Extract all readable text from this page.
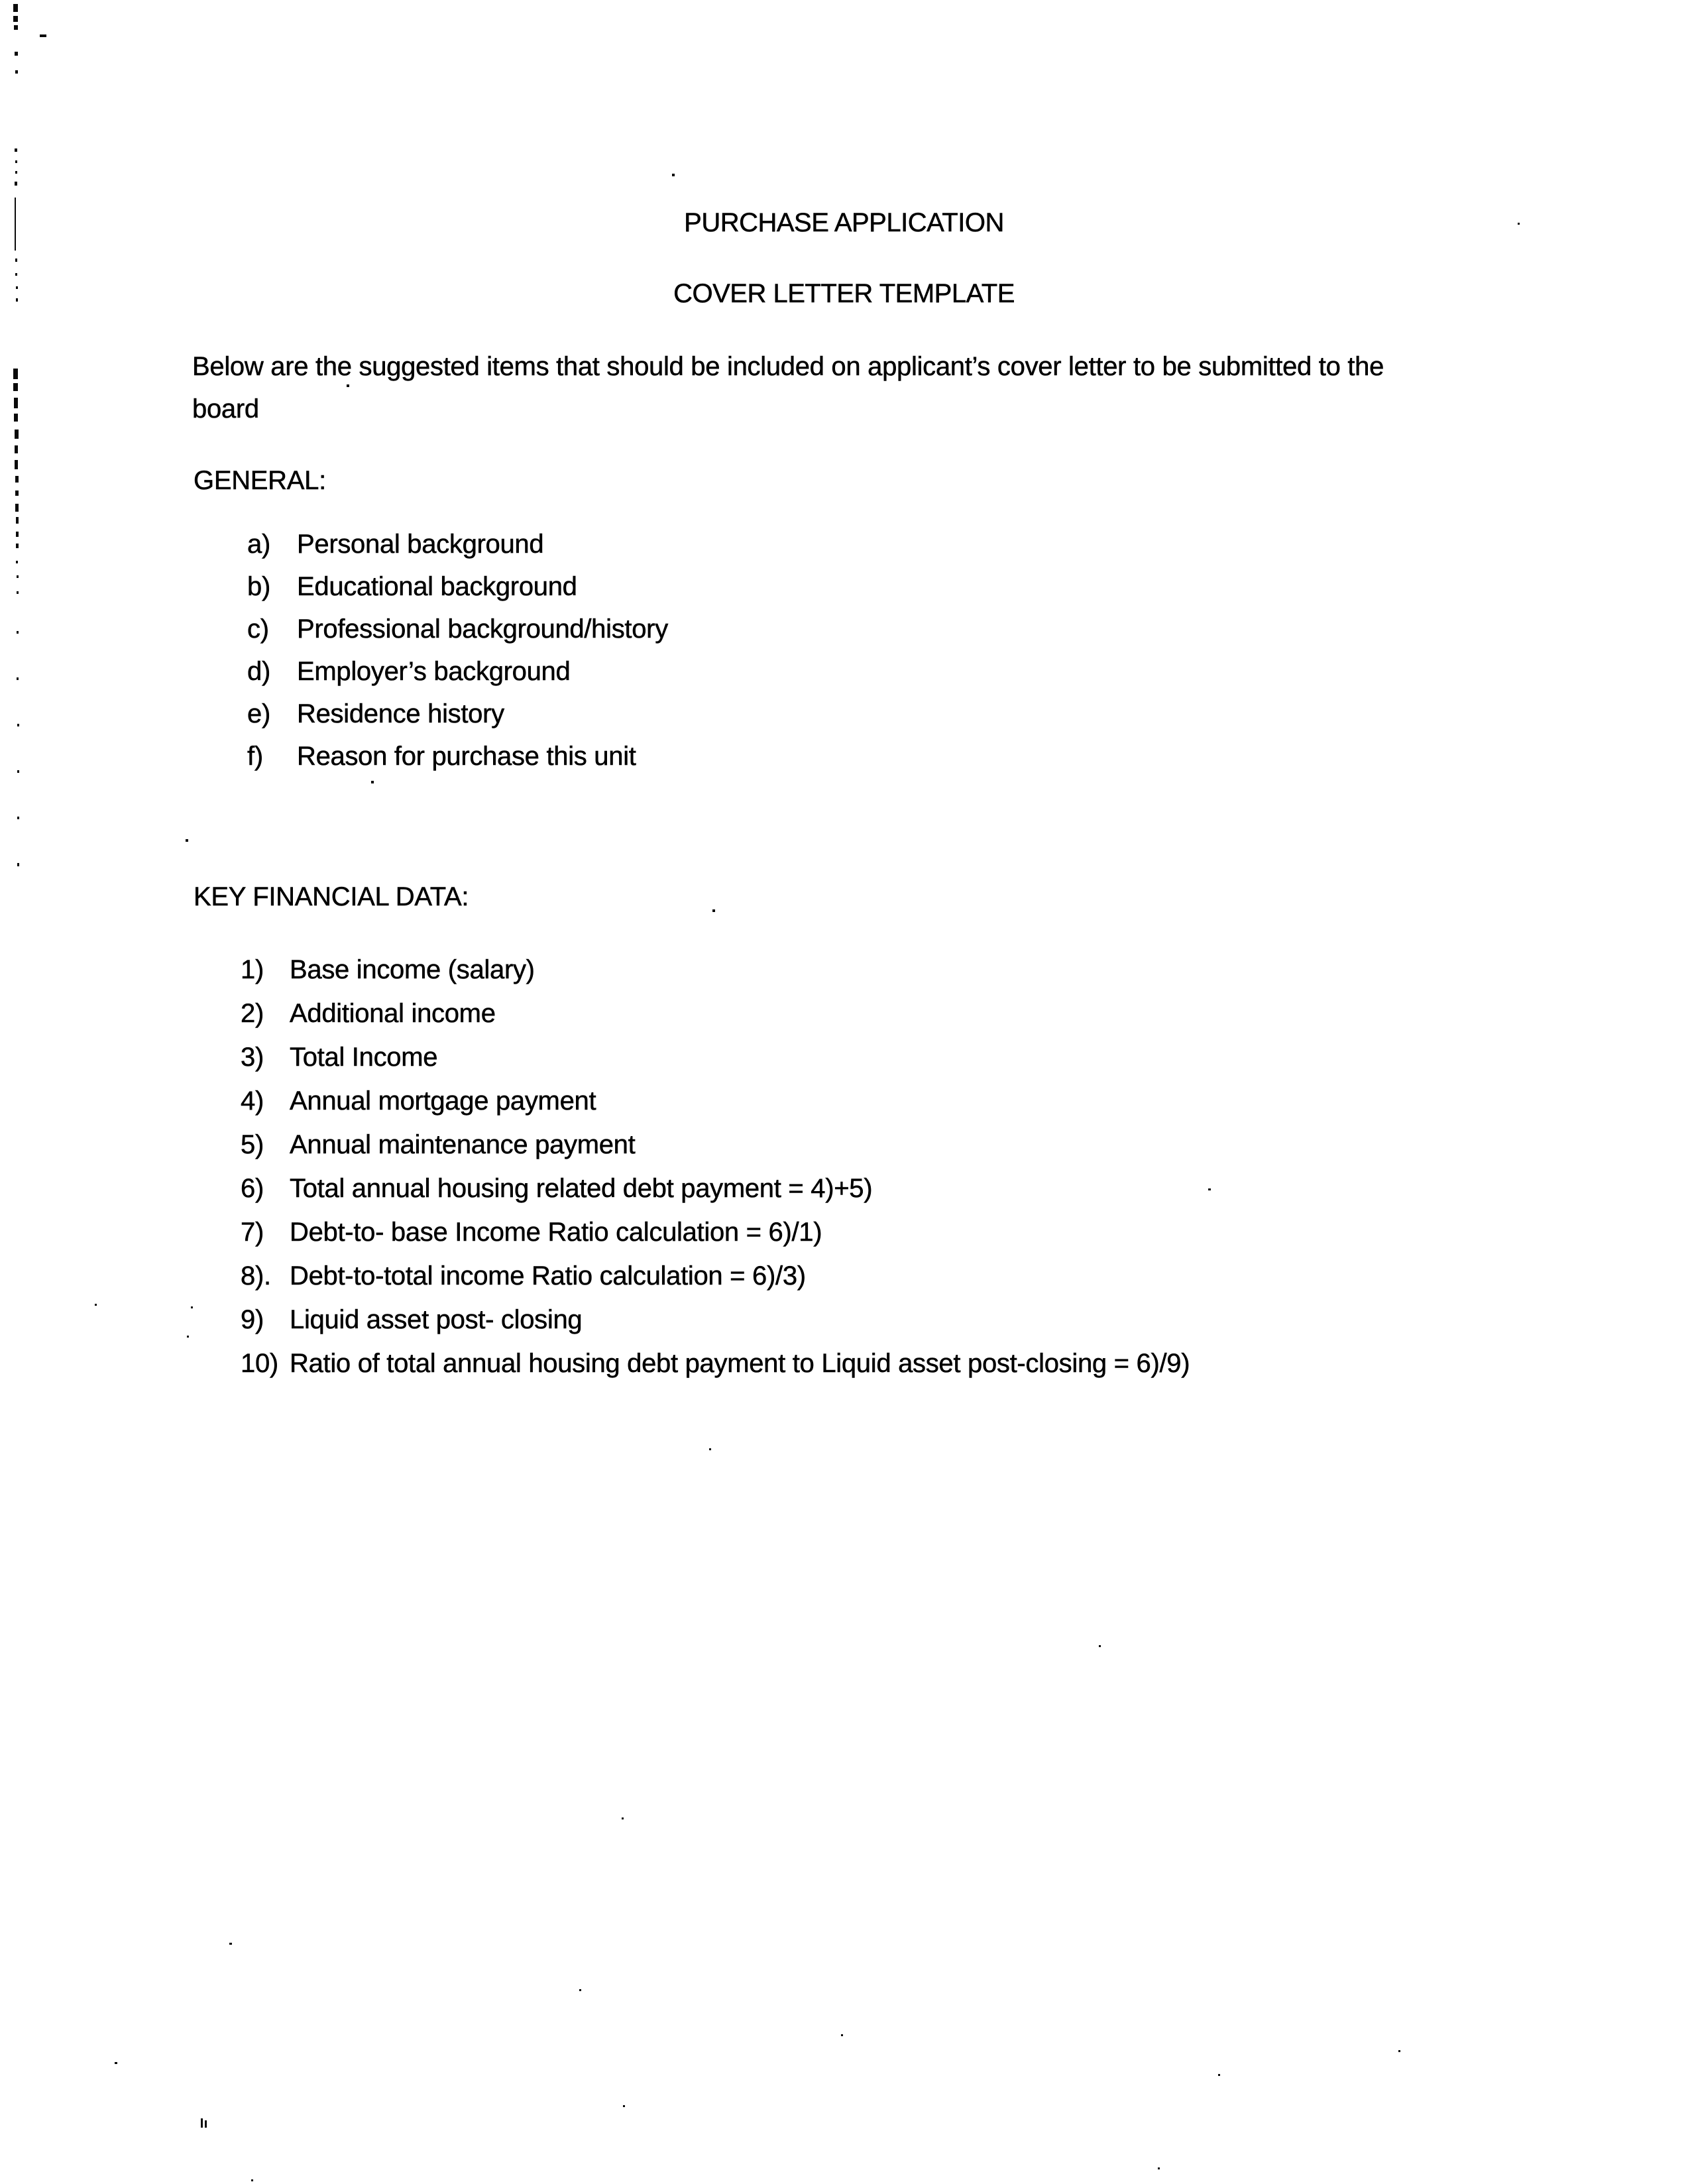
PURCHASE APPLICATION
COVER LETTER TEMPLATE
Below are the suggested items that should be included on applicant’s cover letter to be submitted to the
board
GENERAL:
a)	Personal background
b)	Educational background
c)	Professional background/history
d)	Employer’s background
e)	Residence history
f)	Reason for purchase this unit
KEY FINANCIAL DATA:
1) Base income (salary)
2) Additional income
3) Total Income
4) Annual mortgage payment
5) Annual maintenance payment
6) Total annual housing related debt payment = 4)+5)
7) Debt-to- base Income Ratio calculation = 6)/1)
8). Debt-to-total income Ratio calculation = 6)/3)
9) Liquid asset post- closing
10) Ratio of total annual housing debt payment to Liquid asset post-closing = 6)/9)
